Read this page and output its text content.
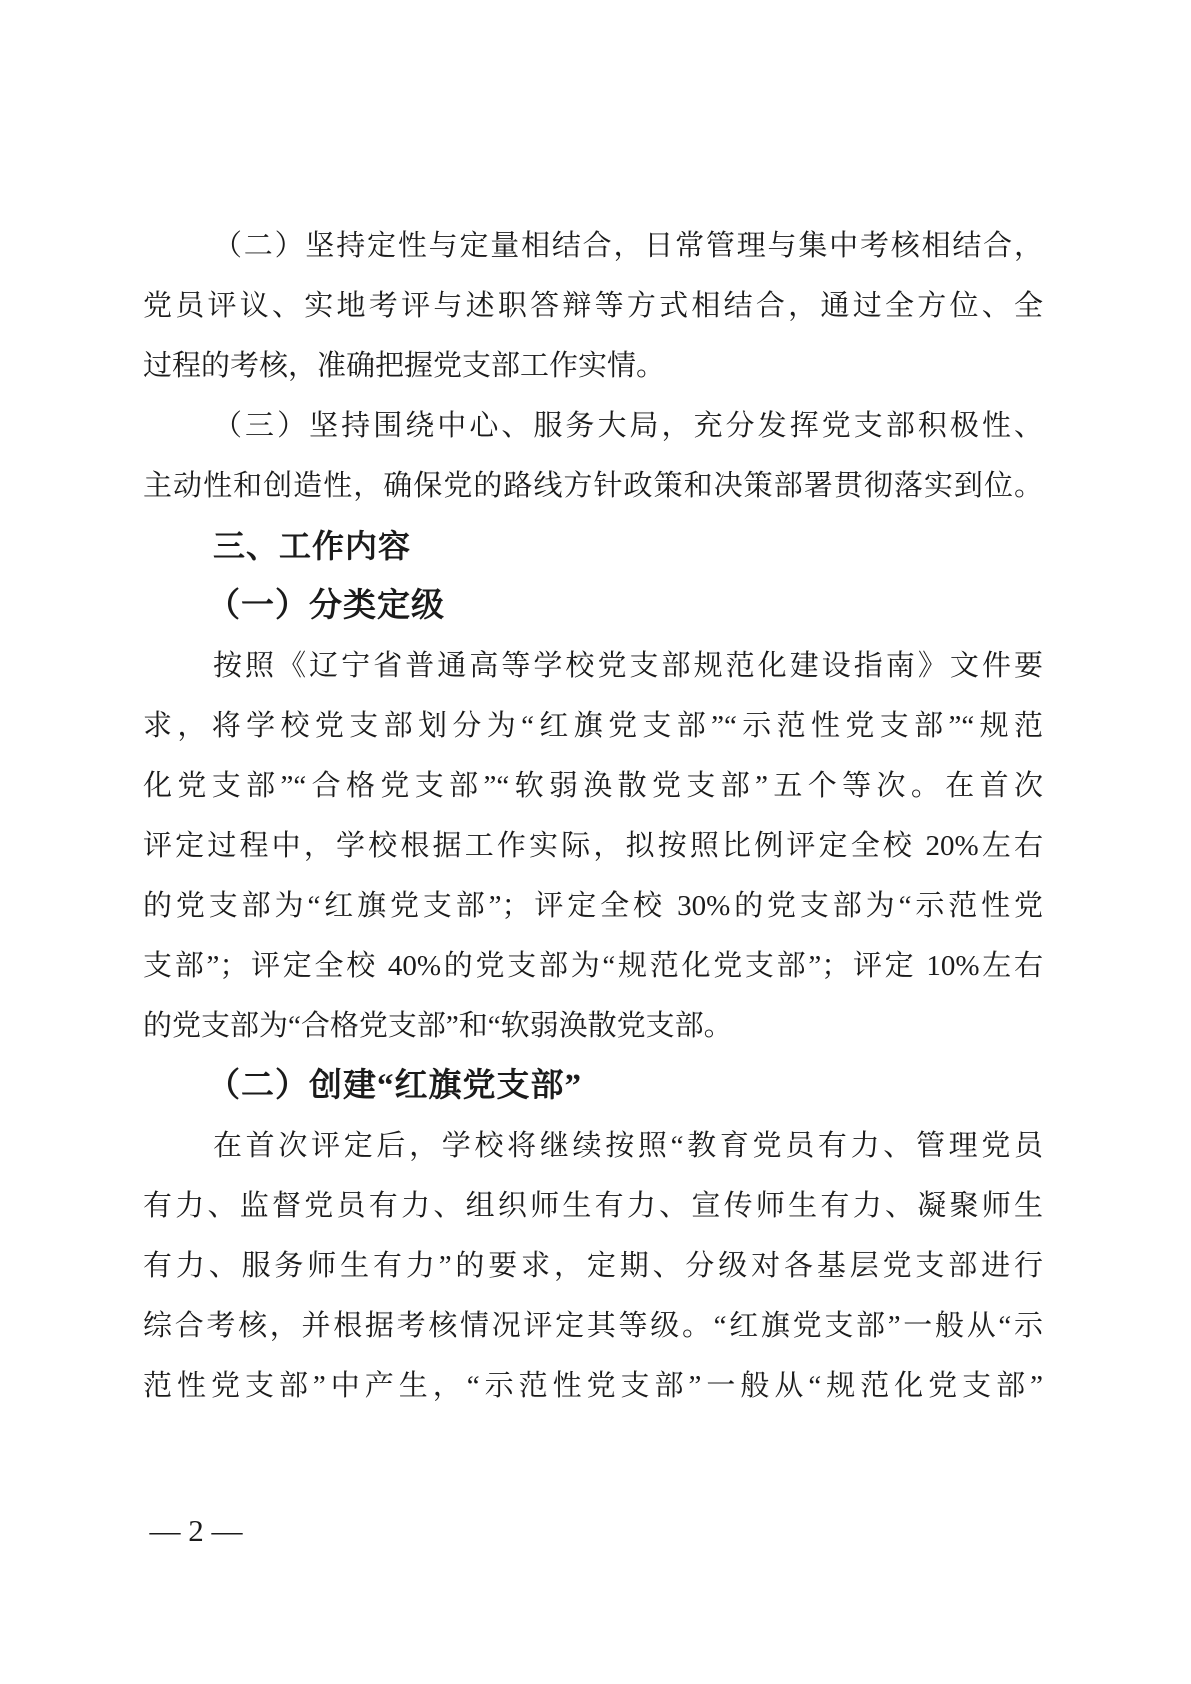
（二）坚持定性与定量相结合，日常管理与集中考核相结合，
党员评议、实地考评与述职答辩等方式相结合，通过全方位、全
过程的考核，准确把握党支部工作实情。
（三）坚持围绕中心、服务大局，充分发挥党支部积极性、
主动性和创造性，确保党的路线方针政策和决策部署贯彻落实到位。
三、工作内容
（一）分类定级
按照《辽宁省普通高等学校党支部规范化建设指南》文件要
求，将学校党支部划分为“红旗党支部”“示范性党支部”“规范
化党支部”“合格党支部”“软弱涣散党支部”五个等次。在首次
评定过程中，学校根据工作实际，拟按照比例评定全校 20%左右
的党支部为“红旗党支部”；评定全校 30%的党支部为“示范性党
支部”；评定全校 40%的党支部为“规范化党支部”；评定 10%左右
的党支部为“合格党支部”和“软弱涣散党支部。
（二）创建“红旗党支部”
在首次评定后，学校将继续按照“教育党员有力、管理党员
有力、监督党员有力、组织师生有力、宣传师生有力、凝聚师生
有力、服务师生有力”的要求，定期、分级对各基层党支部进行
综合考核，并根据考核情况评定其等级。“红旗党支部”一般从“示
范性党支部”中产生，“示范性党支部”一般从“规范化党支部”
— 2 —
